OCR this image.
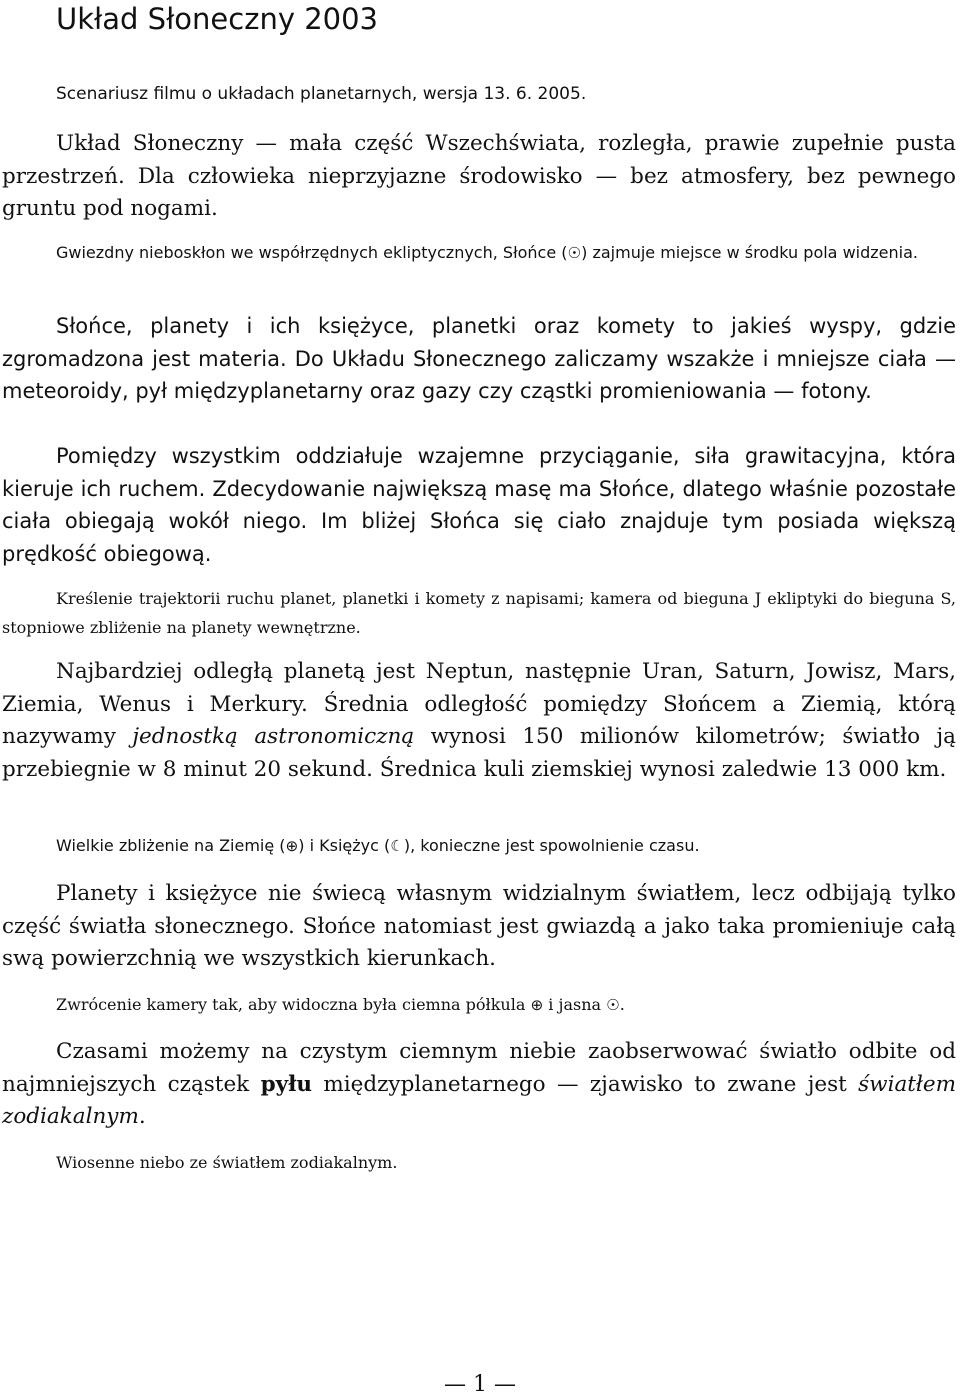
Układ Słoneczny 2003

Scenariusz filmu o układach planetarnych, wersja 13. 6. 2005.

Układ Słoneczny — mała część Wszechświata, rozległa, prawie zupełnie pusta przestrzeń. Dla człowieka nieprzyjazne środowisko — bez atmosfery, bez pewnego gruntu pod nogami.

Gwiezdny nieboskłon we współrzędnych ekliptycznych, Słońce (☉) zajmuje miejsce w środku pola widzenia.

Słońce, planety i ich księżyce, planetki oraz komety to jakieś wyspy, gdzie zgromadzona jest materia. Do Układu Słonecznego zaliczamy wszakże i mniejsze ciała — meteoroidy, pył międzyplanetarny oraz gazy czy cząstki promieniowania — fotony.

Pomiędzy wszystkim oddziałuje wzajemne przyciąganie, siła grawitacyjna, która kieruje ich ruchem. Zdecydowanie największą masę ma Słońce, dlatego właśnie pozostałe ciała obiegają wokół niego. Im bliżej Słońca się ciało znajduje tym posiada większą prędkość obiegową.

Kreślenie trajektorii ruchu planet, planetki i komety z napisami; kamera od bieguna J ekliptyki do bieguna S, stopniowe zbliżenie na planety wewnętrzne.

Najbardziej odległą planetą jest Neptun, następnie Uran, Saturn, Jowisz, Mars, Ziemia, Wenus i Merkury. Średnia odległość pomiędzy Słońcem a Ziemią, którą nazywamy jednostką astronomiczną wynosi 150 milionów kilometrów; światło ją przebiegnie w 8 minut 20 sekund. Średnica kuli ziemskiej wynosi zaledwie 13 000 km.

Wielkie zbliżenie na Ziemię (⊕) i Księżyc (☾), konieczne jest spowolnienie czasu.

Planety i księżyce nie świecą własnym widzialnym światłem, lecz odbijają tylko część światła słonecznego. Słońce natomiast jest gwiazdą a jako taka promieniuje całą swą powierzchnią we wszystkich kierunkach.

Zwrócenie kamery tak, aby widoczna była ciemna półkula ⊕ i jasna ☉.

Czasami możemy na czystym ciemnym niebie zaobserwować światło odbite od najmniejszych cząstek pyłu międzyplanetarnego — zjawisko to zwane jest światłem zodiakalnym.

Wiosenne niebo ze światłem zodiakalnym.

— 1 —
